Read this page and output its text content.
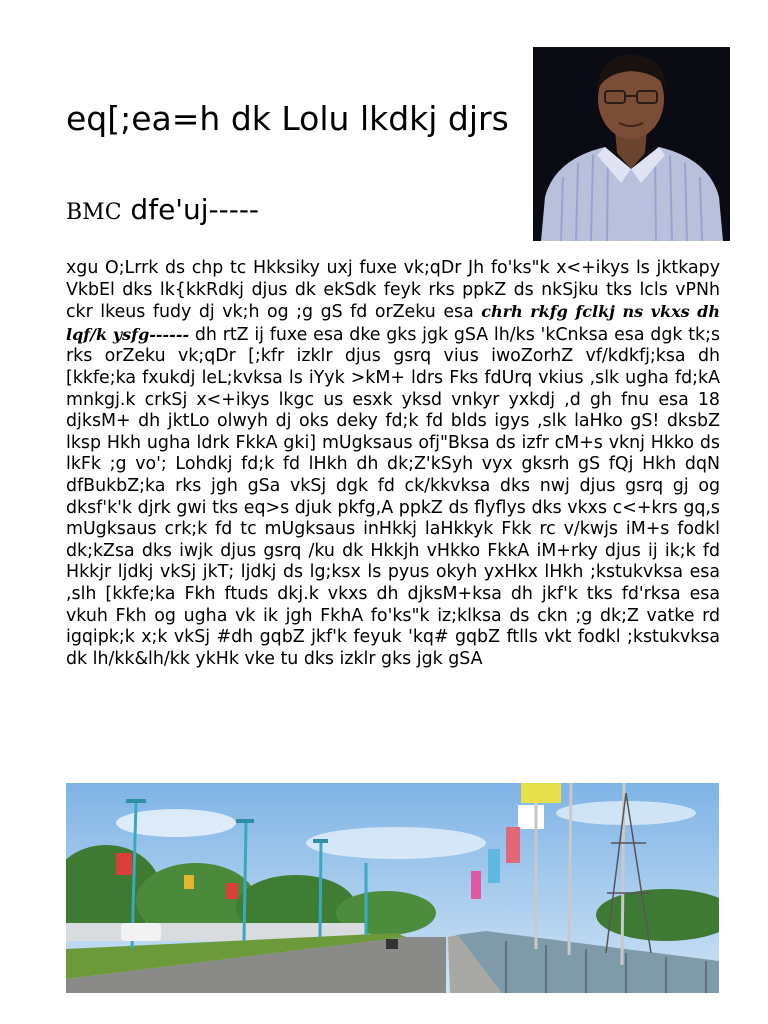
eq[;ea=h dk Lolu lkdkj djrs
BMC dfe'uj-----

xgu O;Lrrk ds chp tc Hkksiky uxj fuxe vk;qDr Jh fo'ks"k x<+ikys ls jktkapy VkbEl dks lk{kkRdkj djus dk ekSdk feyk rks ppkZ ds nkSjku tks lcls vPNh ckr lkeus fudy dj vk;h og ;g gS fd orZeku esa chrh rkfg fclkj ns vkxs dh lqf/k ysfg------ dh rtZ ij fuxe esa dke gks jgk gSA lh/ks 'kCnksa esa dgk tk;s rks orZeku vk;qDr [;kfr izklr djus gsrq vius iwoZorhZ vf/kdkfj;ksa dh [kkfe;ka fxukdj leL;kvksa ls iYyk >kM+ ldrs Fks fdUrq vkius ,slk ugha fd;kA mnkgj.k crkSj x<+ikys lkgc us esxk yksd vnkyr yxkdj ,d gh fnu esa 18 djksM+ dh jktLo olwyh dj oks deky fd;k fd blds igys ,slk laHko gS! dksbZ lksp Hkh ugha ldrk FkkA gki] mUgksaus ofj"Bksa ds izfr cM+s vknj Hkko ds lkFk ;g vo'; Lohdkj fd;k fd lHkh dh dk;Z'kSyh vyx gksrh gS fQj Hkh dqN dfBukbZ;ka rks jgh gSa vkSj dgk fd ck/kkvksa dks nwj djus gsrq gj og dksf'k'k djrk gwi tks eq>s djuk pkfg,A ppkZ ds flyflys dks vkxs c<+krs gq,s mUgksaus crk;k fd tc mUgksaus inHkkj laHkkyk Fkk rc v/kwjs iM+s fodkl dk;kZsa dks iwjk djus gsrq /ku dk Hkkjh vHkko FkkA iM+rky djus ij ik;k fd Hkkjr ljdkj vkSj jkT; ljdkj ds lg;ksx ls pyus okyh yxHkx lHkh ;kstukvksa esa ,slh [kkfe;ka Fkh ftuds dkj.k vkxs dh djksM+ksa dh jkf'k tks fd'rksa esa vkuh Fkh og ugha vk ik jgh FkhA fo'ks"k iz;klksa ds ckn ;g dk;Z vatke rd igqipk;k x;k vkSj #dh gqbZ jkf'k feyuk 'kq# gqbZ ftlls vkt fodkl ;kstukvksa dk lh/kk&lh/kk ykHk vke tu dks izklr gks jgk gSA
